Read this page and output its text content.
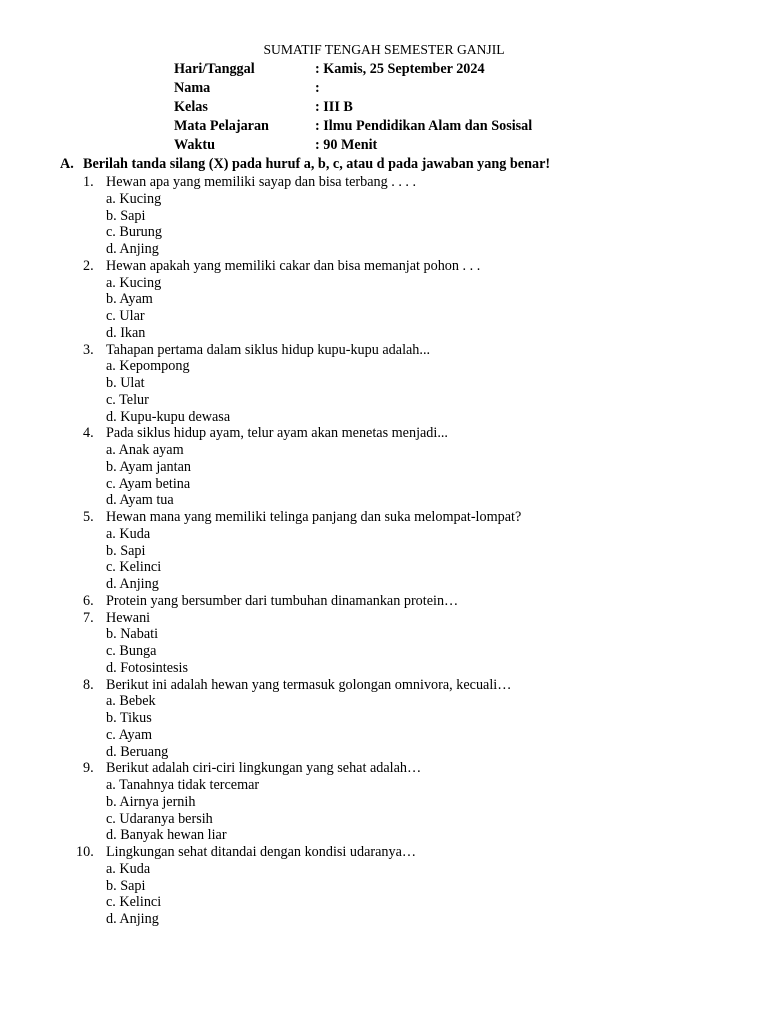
SUMATIF TENGAH SEMESTER GANJIL
Hari/Tanggal	: Kamis, 25 September 2024
Nama	:
Kelas	: III B
Mata Pelajaran	: Ilmu Pendidikan Alam dan Sosisal
Waktu	: 90 Menit
A. Berilah tanda silang (X) pada huruf a, b, c, atau d pada jawaban yang benar!
1. Hewan apa yang memiliki sayap dan bisa terbang . . . .
a. Kucing
b. Sapi
c. Burung
d. Anjing
2. Hewan apakah yang memiliki cakar dan bisa memanjat pohon . . .
a. Kucing
b. Ayam
c. Ular
d. Ikan
3. Tahapan pertama dalam siklus hidup kupu-kupu adalah...
a. Kepompong
b. Ulat
c. Telur
d. Kupu-kupu dewasa
4. Pada siklus hidup ayam, telur ayam akan menetas menjadi...
a. Anak ayam
b. Ayam jantan
c. Ayam betina
d. Ayam tua
5. Hewan mana yang memiliki telinga panjang dan suka melompat-lompat?
a. Kuda
b. Sapi
c. Kelinci
d. Anjing
6. Protein yang bersumber dari tumbuhan dinamankan protein…
7. Hewani
b. Nabati
c. Bunga
d. Fotosintesis
8. Berikut ini adalah hewan yang termasuk golongan omnivora, kecuali…
a. Bebek
b. Tikus
c. Ayam
d. Beruang
9. Berikut adalah ciri-ciri lingkungan yang sehat adalah…
a. Tanahnya tidak tercemar
b. Airnya jernih
c. Udaranya bersih
d. Banyak hewan liar
10. Lingkungan sehat ditandai dengan kondisi udaranya…
a. Kuda
b. Sapi
c. Kelinci
d. Anjing
